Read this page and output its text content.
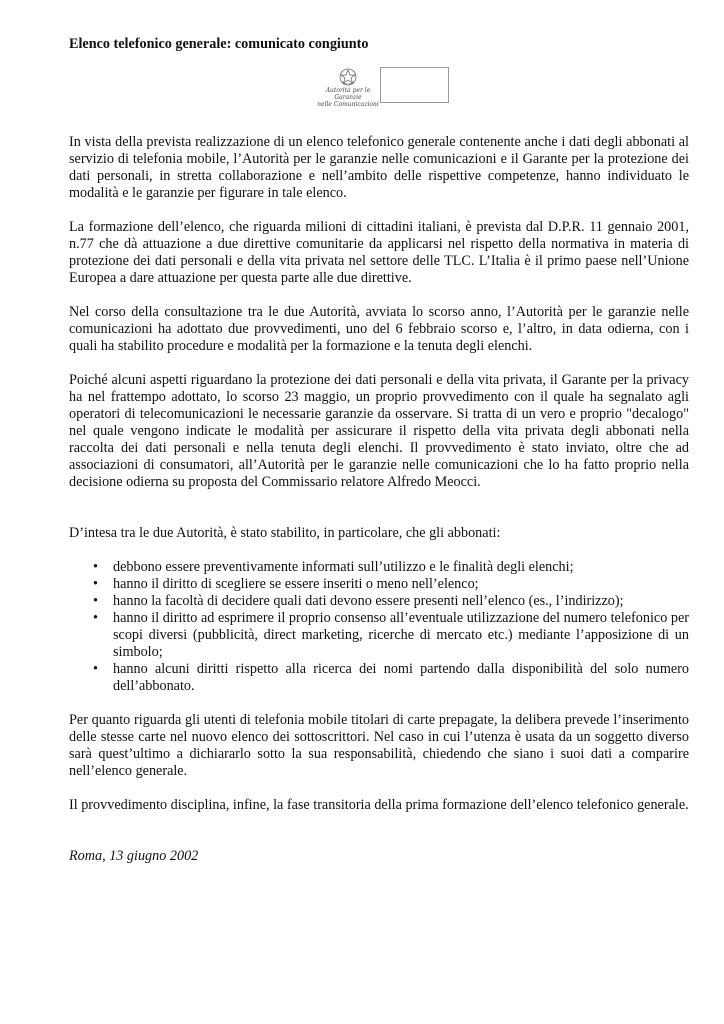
Elenco telefonico generale: comunicato congiunto
Autorità per le Garanzie
nelle Comunicazioni

In vista della prevista realizzazione di un elenco telefonico generale contenente anche i dati degli abbonati al servizio di telefonia mobile, l’Autorità per le garanzie nelle comunicazioni e il Garante per la protezione dei dati personali, in stretta collaborazione e nell’ambito delle rispettive competenze, hanno individuato le modalità e le garanzie per figurare in tale elenco.

La formazione dell’elenco, che riguarda milioni di cittadini italiani, è prevista dal D.P.R. 11 gennaio 2001, n.77 che dà attuazione a due direttive comunitarie da applicarsi nel rispetto della normativa in materia di protezione dei dati personali e della vita privata nel settore delle TLC. L’Italia è il primo paese nell’Unione Europea a dare attuazione per questa parte alle due direttive.

Nel corso della consultazione tra le due Autorità, avviata lo scorso anno, l’Autorità per le garanzie nelle comunicazioni ha adottato due provvedimenti, uno del 6 febbraio scorso e, l’altro, in data odierna, con i quali ha stabilito procedure e modalità per la formazione e la tenuta degli elenchi.

Poiché alcuni aspetti riguardano la protezione dei dati personali e della vita privata, il Garante per la privacy ha nel frattempo adottato, lo scorso 23 maggio, un proprio provvedimento con il quale ha segnalato agli operatori di telecomunicazioni le necessarie garanzie da osservare. Si tratta di un vero e proprio "decalogo" nel quale vengono indicate le modalità per assicurare il rispetto della vita privata degli abbonati nella raccolta dei dati personali e nella tenuta degli elenchi. Il provvedimento è stato inviato, oltre che ad associazioni di consumatori, all’Autorità per le garanzie nelle comunicazioni che lo ha fatto proprio nella decisione odierna su proposta del Commissario relatore Alfredo Meocci.

D’intesa tra le due Autorità, è stato stabilito, in particolare, che gli abbonati:

• debbono essere preventivamente informati sull’utilizzo e le finalità degli elenchi;
• hanno il diritto di scegliere se essere inseriti o meno nell’elenco;
• hanno la facoltà di decidere quali dati devono essere presenti nell’elenco (es., l’indirizzo);
• hanno il diritto ad esprimere il proprio consenso all’eventuale utilizzazione del numero telefonico per scopi diversi (pubblicità, direct marketing, ricerche di mercato etc.) mediante l’apposizione di un simbolo;
• hanno alcuni diritti rispetto alla ricerca dei nomi partendo dalla disponibilità del solo numero dell’abbonato.

Per quanto riguarda gli utenti di telefonia mobile titolari di carte prepagate, la delibera prevede l’inserimento delle stesse carte nel nuovo elenco dei sottoscrittori. Nel caso in cui l’utenza è usata da un soggetto diverso sarà quest’ultimo a dichiararlo sotto la sua responsabilità, chiedendo che siano i suoi dati a comparire nell’elenco generale.

Il provvedimento disciplina, infine, la fase transitoria della prima formazione dell’elenco telefonico generale.

Roma, 13 giugno 2002
